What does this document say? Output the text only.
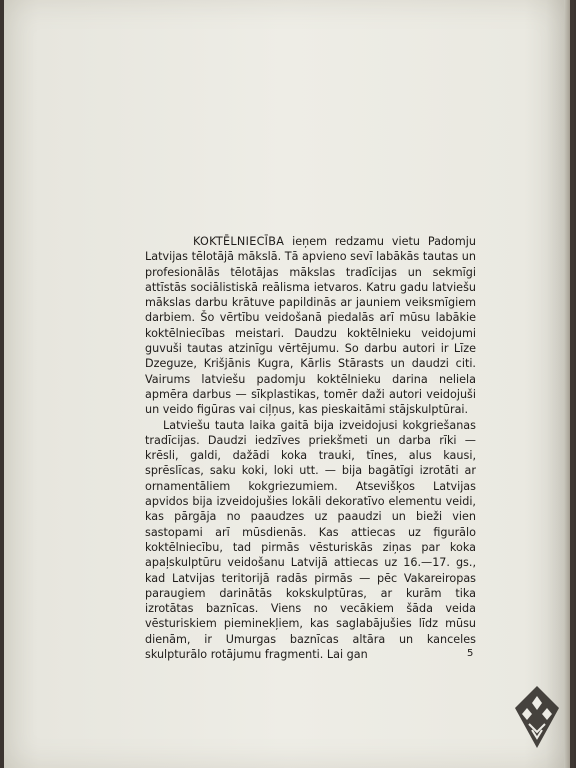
KOKTĒLNIECĪBA ieņem redzamu vietu Padomju Latvijas tēlotājā mākslā. Tā apvieno sevī labākās tautas un profesionālās tēlotājas mākslas tradīcijas un sekmīgi attīstās sociālistiskā reālisma ietvaros. Katru gadu latviešu mākslas darbu krātuve papildinās ar jauniem veiksmīgiem darbiem. Šo vērtību veidošanā piedalās arī mūsu labākie koktēlniecības meistari. Daudzu koktēlnieku veidojumi guvuši tautas atzinīgu vērtējumu. So darbu autori ir Līze Dzeguze, Krišjānis Kugra, Kārlis Stārasts un daudzi citi. Vairums latviešu padomju koktēlnieku darina neliela apmēra darbus — sīkplastikas, tomēr daži autori veidojuši un veido figūras vai ciļņus, kas pieskaitāmi stājskulptūrai.

Latviešu tauta laika gaitā bija izveidojusi kokgriešanas tradīcijas. Daudzi iedzīves priekšmeti un darba rīki — krēsli, galdi, dažādi koka trauki, tīnes, alus kausi, sprēslīcas, saku koki, loki utt. — bija bagātīgi izrotāti ar ornamentāliem kokgriezumiem. Atsevišķos Latvijas apvidos bija izveidojušies lokāli dekoratīvo elementu veidi, kas pārgāja no paaudzes uz paaudzi un bieži vien sastopami arī mūsdienās. Kas attiecas uz figurālo koktēlniecību, tad pirmās vēsturiskās ziņas par koka apaļskulptūru veidošanu Latvijā attiecas uz 16.—17. gs., kad Latvijas teritorijā radās pirmās — pēc Vakareiropas paraugiem darinātās kokskulptūras, ar kurām tika izrotātas baznīcas. Viens no vecākiem šāda veida vēsturiskiem pieminekļiem, kas saglabājušies līdz mūsu dienām, ir Umurgas baznīcas altāra un kanceles skulpturālo rotājumu fragmenti. Lai gan	5
